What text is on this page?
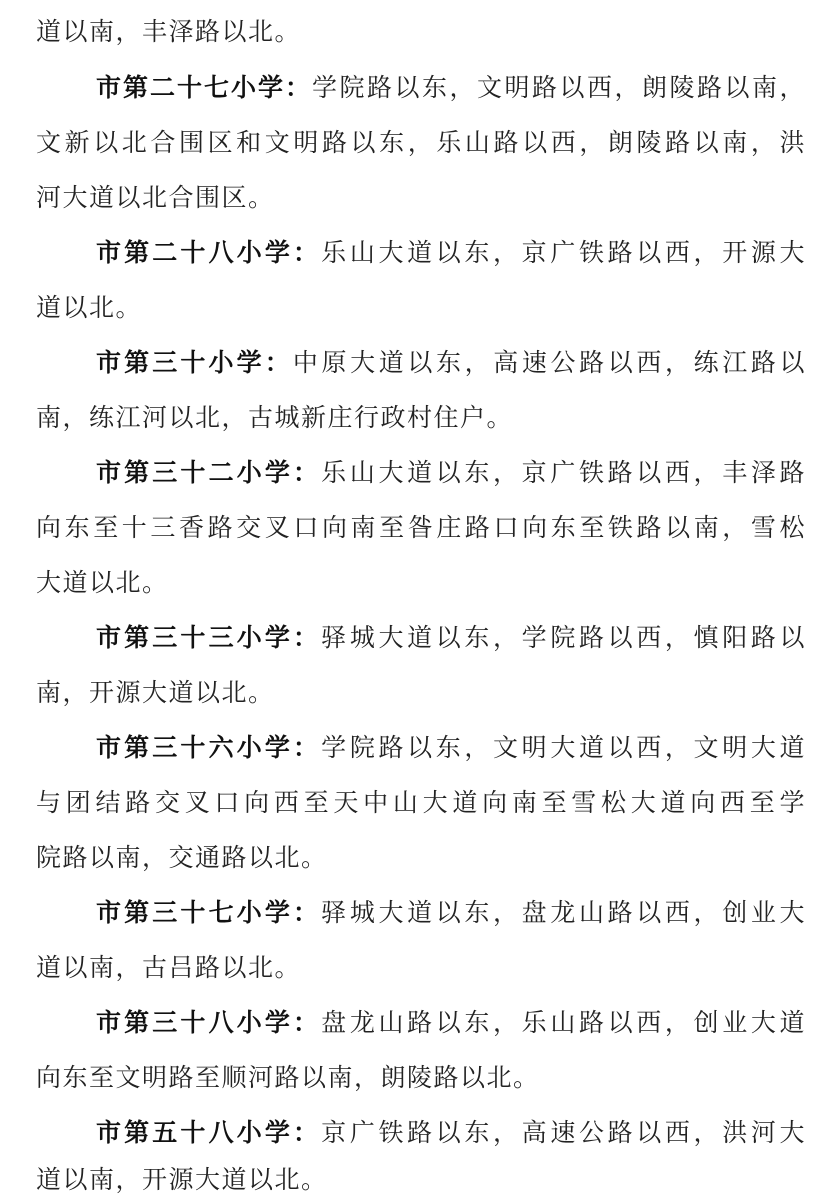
道以南，丰泽路以北。
市第二十七小学：学院路以东，文明路以西，朗陵路以南，
文新以北合围区和文明路以东，乐山路以西，朗陵路以南，洪
河大道以北合围区。
市第二十八小学：乐山大道以东，京广铁路以西，开源大
道以北。
市第三十小学：中原大道以东，高速公路以西，练江路以
南，练江河以北，古城新庄行政村住户。
市第三十二小学：乐山大道以东，京广铁路以西，丰泽路
向东至十三香路交叉口向南至昝庄路口向东至铁路以南，雪松
大道以北。
市第三十三小学：驿城大道以东，学院路以西，慎阳路以
南，开源大道以北。
市第三十六小学：学院路以东，文明大道以西，文明大道
与团结路交叉口向西至天中山大道向南至雪松大道向西至学
院路以南，交通路以北。
市第三十七小学：驿城大道以东，盘龙山路以西，创业大
道以南，古吕路以北。
市第三十八小学：盘龙山路以东，乐山路以西，创业大道
向东至文明路至顺河路以南，朗陵路以北。
市第五十八小学：京广铁路以东，高速公路以西，洪河大
道以南，开源大道以北。
